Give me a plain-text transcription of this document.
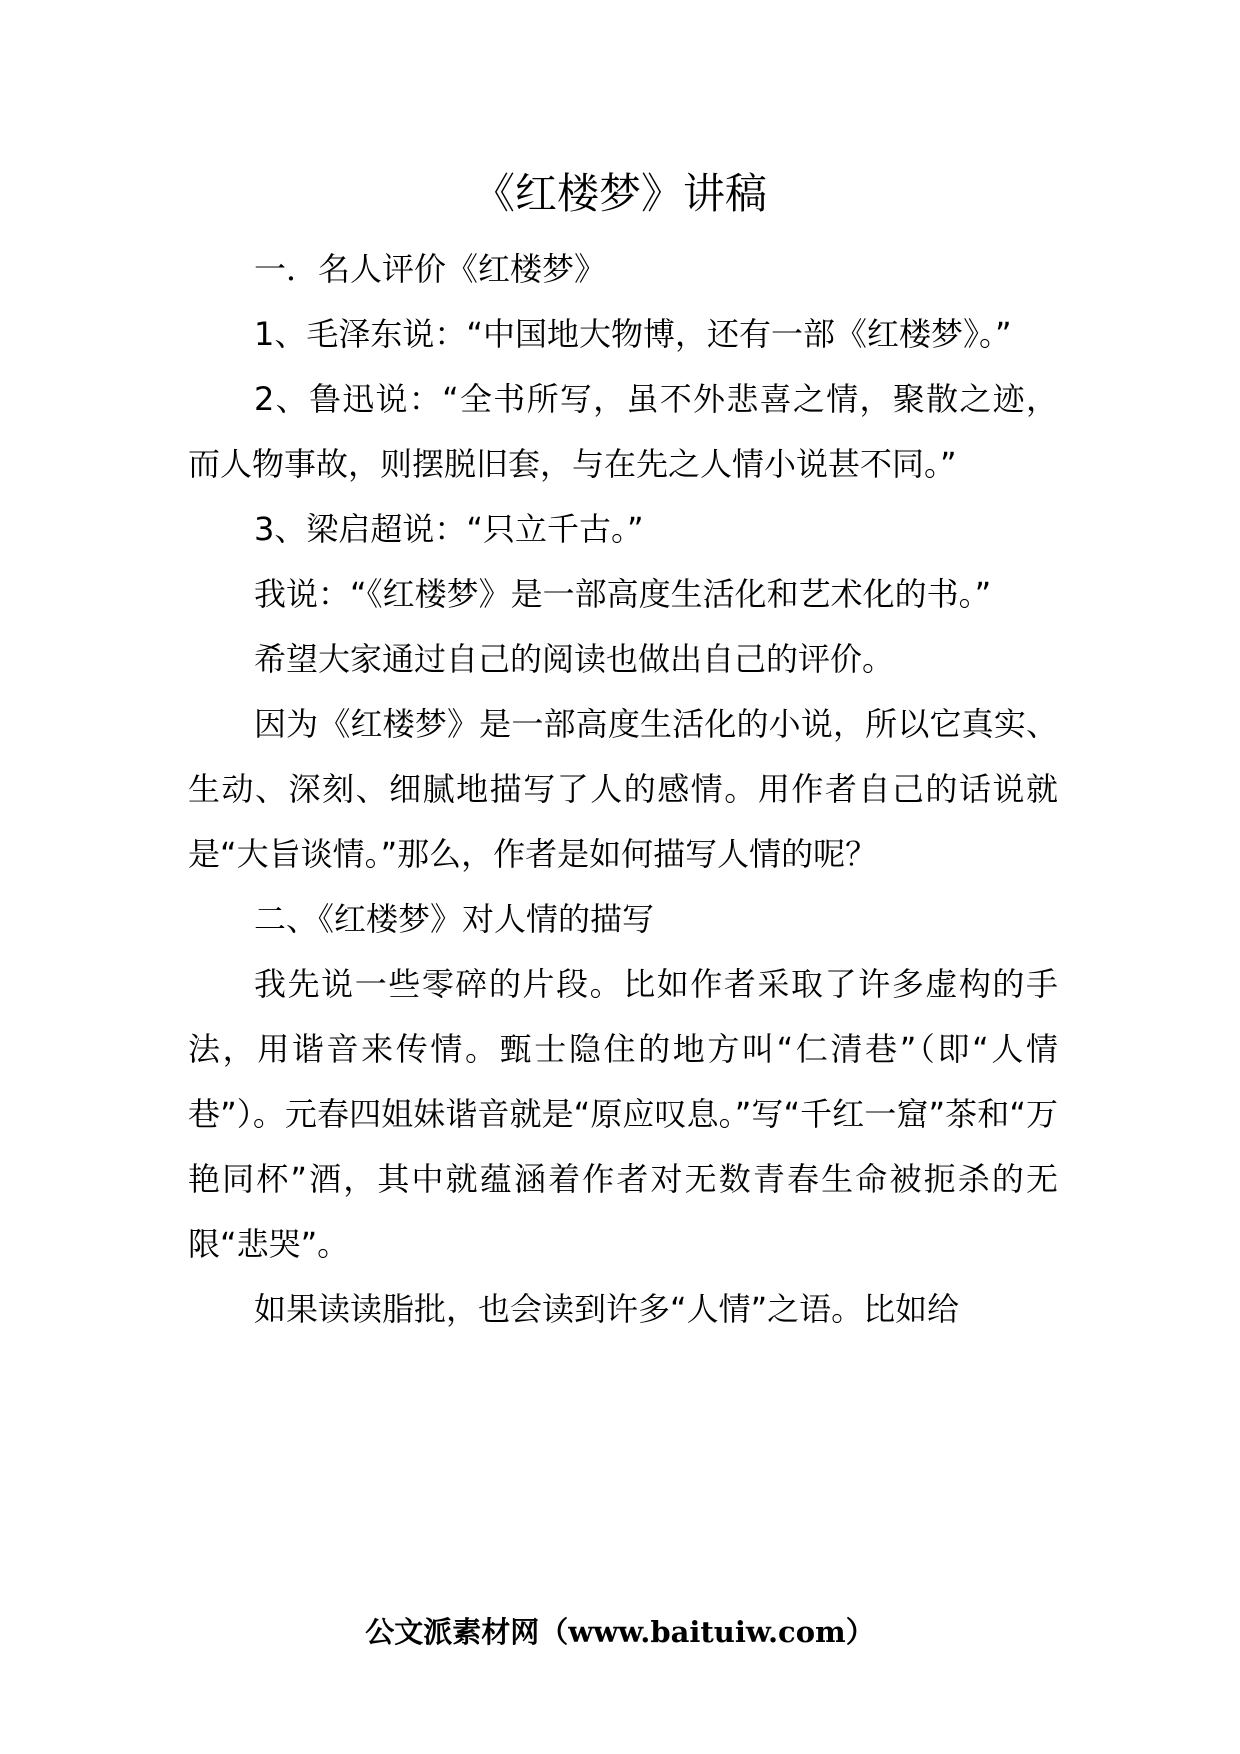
《红楼梦》讲稿

一．名人评价《红楼梦》

1、毛泽东说：“中国地大物博，还有一部《红楼梦》。”

2、鲁迅说：“全书所写，虽不外悲喜之情，聚散之迹，而人物事故，则摆脱旧套，与在先之人情小说甚不同。”

3、梁启超说：“只立千古。”

我说：“《红楼梦》是一部高度生活化和艺术化的书。”

希望大家通过自己的阅读也做出自己的评价。

因为《红楼梦》是一部高度生活化的小说，所以它真实、生动、深刻、细腻地描写了人的感情。用作者自己的话说就是“大旨谈情。”那么，作者是如何描写人情的呢？

二、《红楼梦》对人情的描写

我先说一些零碎的片段。比如作者采取了许多虚构的手法，用谐音来传情。甄士隐住的地方叫“仁清巷”（即“人情巷”）。元春四姐妹谐音就是“原应叹息。”写“千红一窟”茶和“万艳同杯”酒，其中就蕴涵着作者对无数青春生命被扼杀的无限“悲哭”。

如果读读脂批，也会读到许多“人情”之语。比如给

公文派素材网（www.baituiw.com）
